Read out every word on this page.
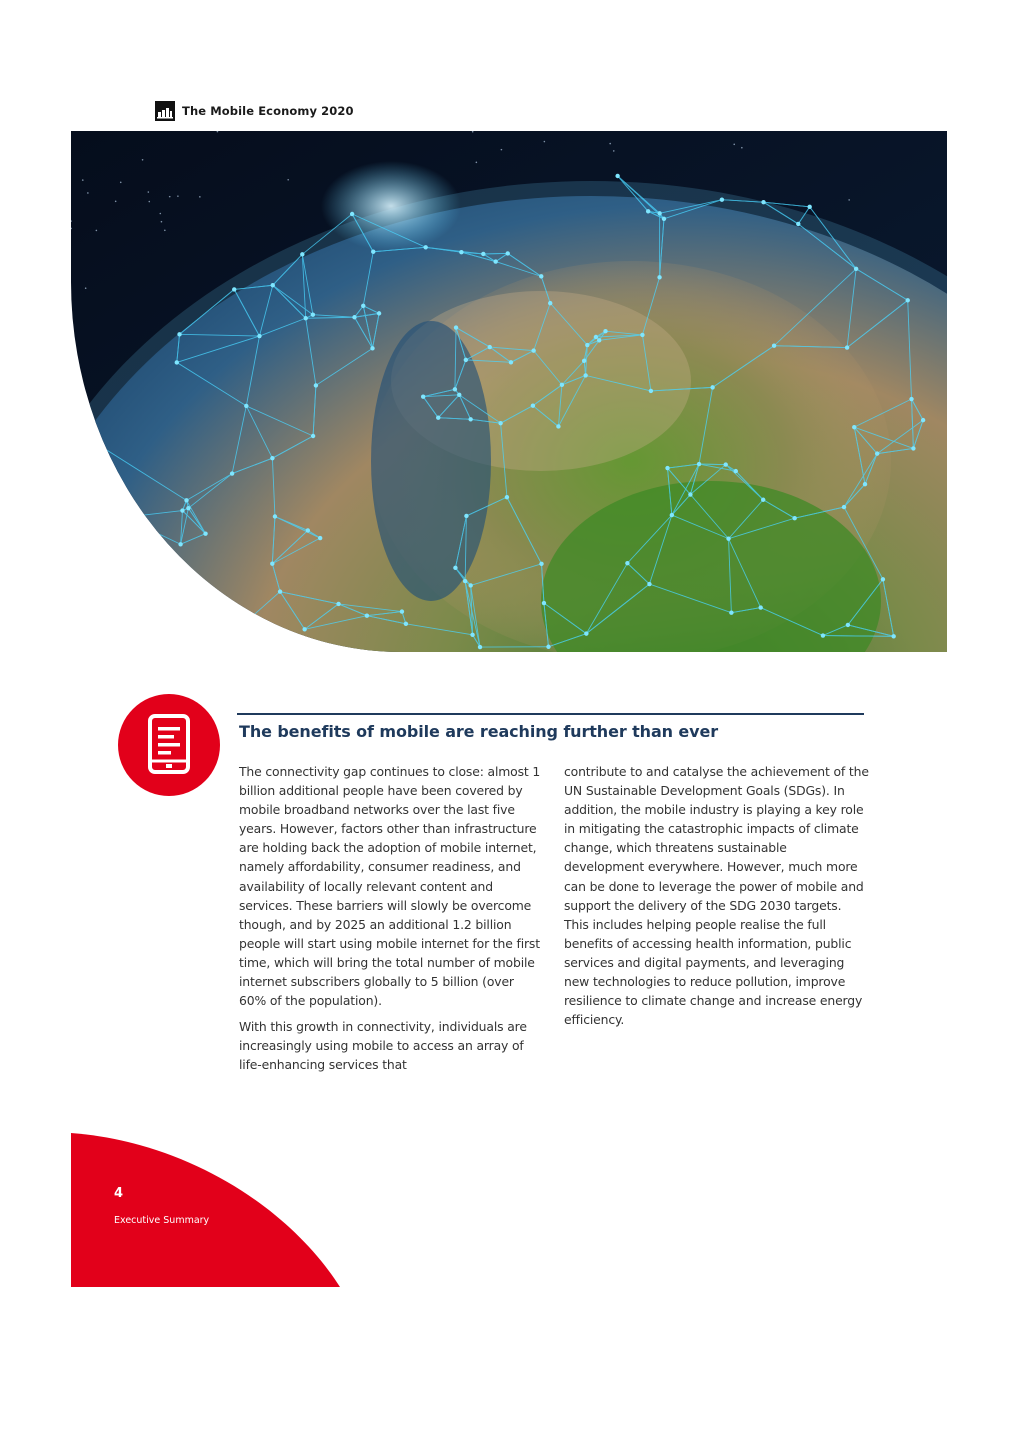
The Mobile Economy 2020
The benefits of mobile are reaching further than ever

The connectivity gap continues to close: almost 1 billion additional people have been covered by mobile broadband networks over the last five years. However, factors other than infrastructure are holding back the adoption of mobile internet, namely affordability, consumer readiness, and availability of locally relevant content and services. These barriers will slowly be overcome though, and by 2025 an additional 1.2 billion people will start using mobile internet for the first time, which will bring the total number of mobile internet subscribers globally to 5 billion (over 60% of the population).

With this growth in connectivity, individuals are increasingly using mobile to access an array of life-enhancing services that

contribute to and catalyse the achievement of the UN Sustainable Development Goals (SDGs). In addition, the mobile industry is playing a key role in mitigating the catastrophic impacts of climate change, which threatens sustainable development everywhere. However, much more can be done to leverage the power of mobile and support the delivery of the SDG 2030 targets. This includes helping people realise the full benefits of accessing health information, public services and digital payments, and leveraging new technologies to reduce pollution, improve resilience to climate change and increase energy efficiency.

4
Executive Summary
